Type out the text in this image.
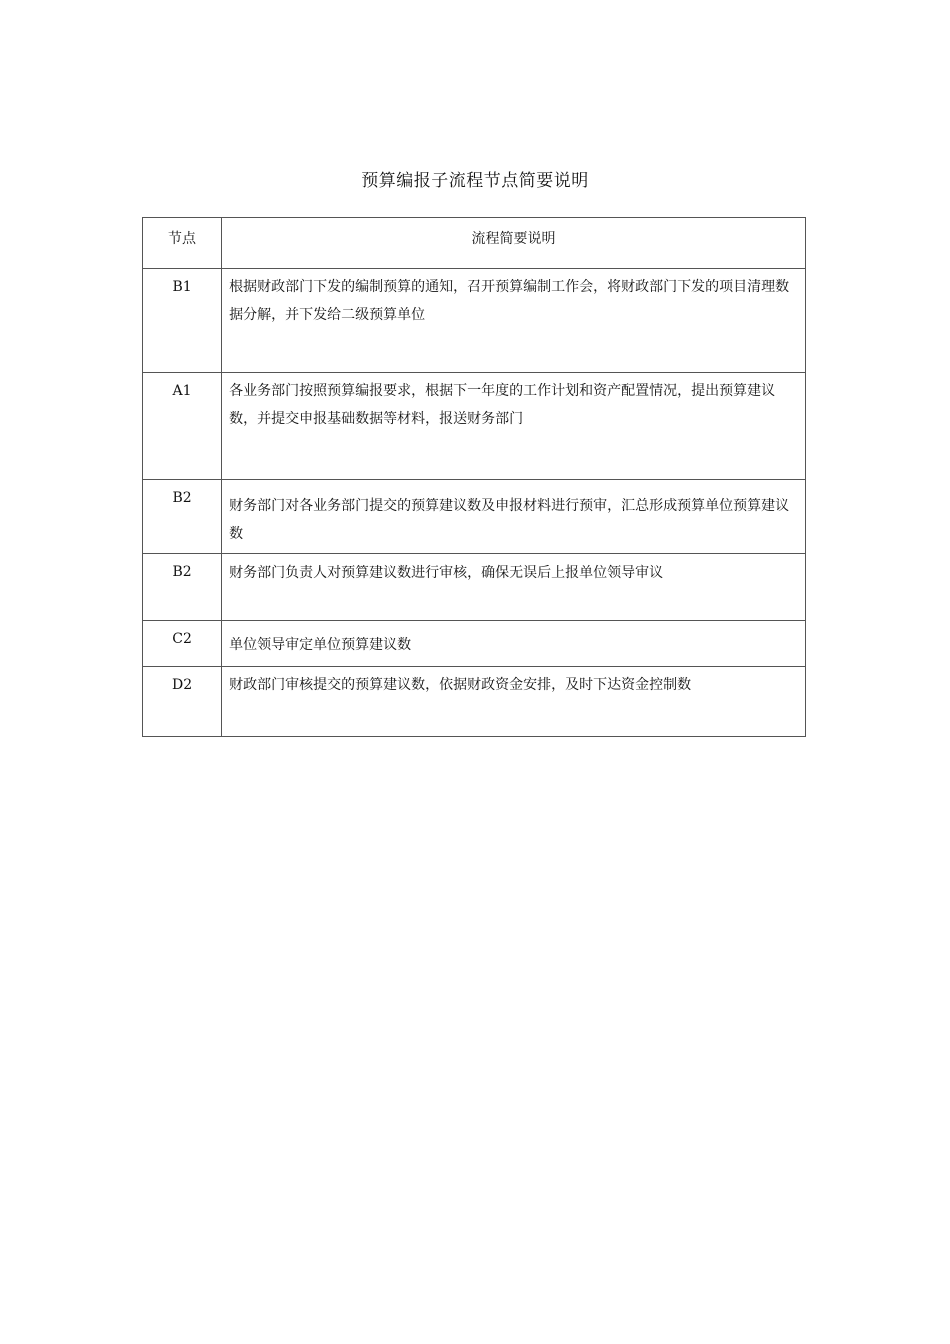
预算编报子流程节点简要说明
节点	流程简要说明

B1	根据财政部门下发的编制预算的通知，召开预算编制工作会，将财政部门下发的项目清理数据分解，并下发给二级预算单位

A1	各业务部门按照预算编报要求，根据下一年度的工作计划和资产配置情况，提出预算建议数，并提交申报基础数据等材料，报送财务部门

B2	财务部门对各业务部门提交的预算建议数及申报材料进行预审，汇总形成预算单位预算建议数

B2	财务部门负责人对预算建议数进行审核，确保无误后上报单位领导审议

C2	单位领导审定单位预算建议数

D2	财政部门审核提交的预算建议数，依据财政资金安排，及时下达资金控制数
